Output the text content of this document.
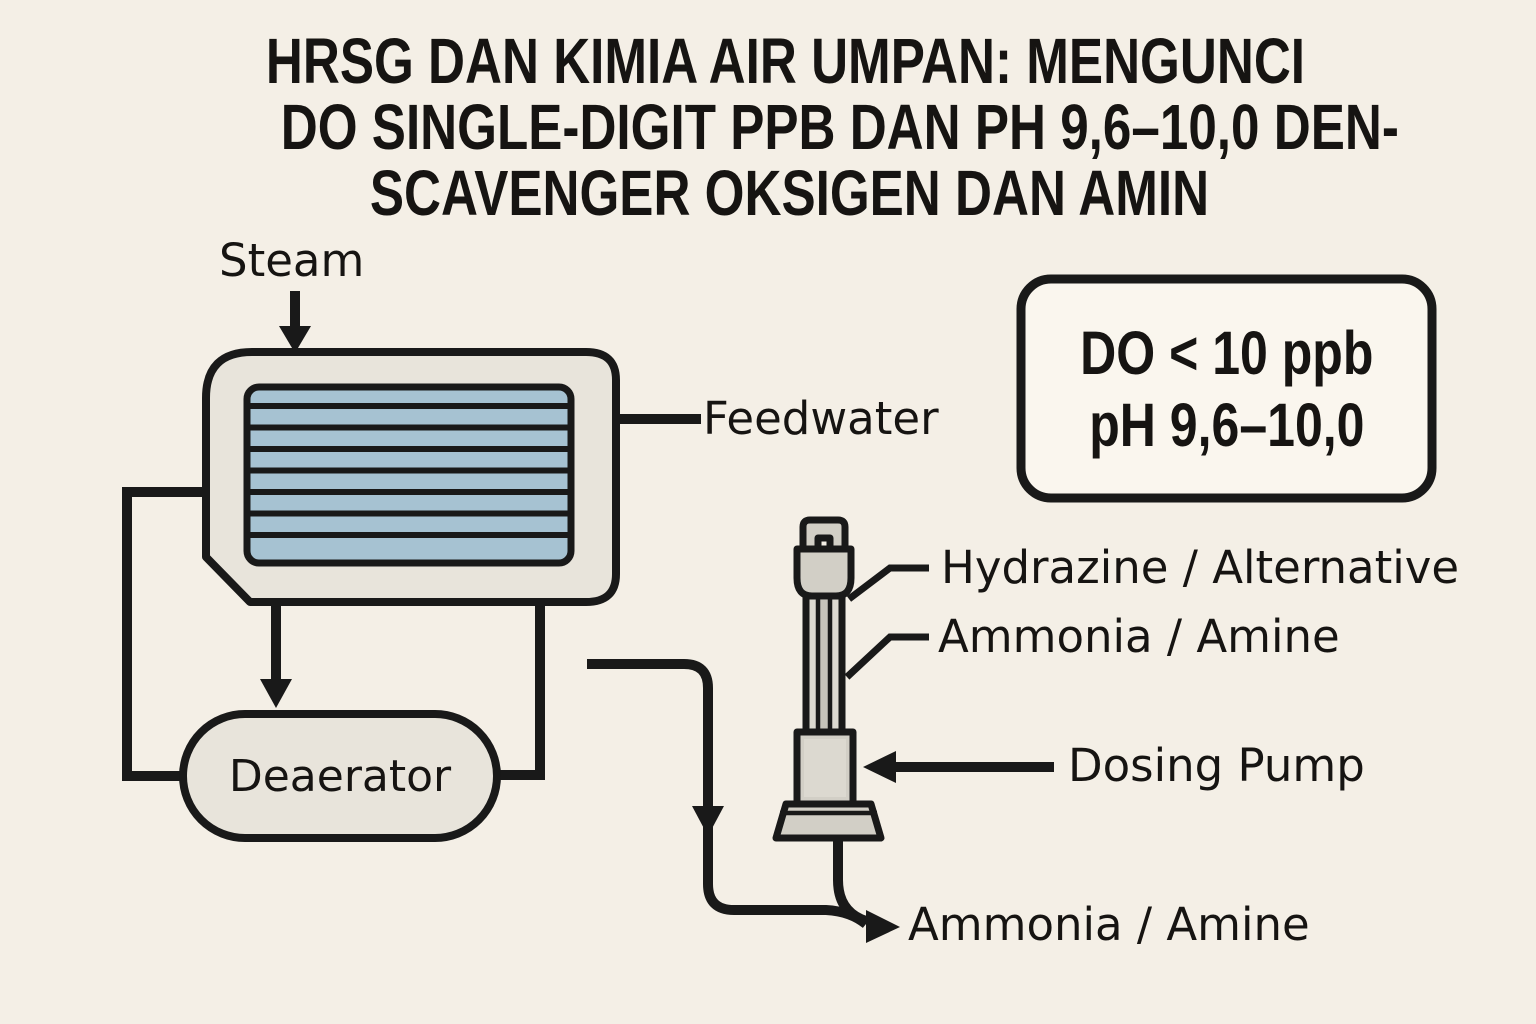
HRSG DAN KIMIA AIR UMPAN: MENGUNCI
DO SINGLE-DIGIT PPB DAN PH 9,6–10,0 DEN-
SCAVENGER OKSIGEN DAN AMIN
Steam
Feedwater
Deaerator
Hydrazine / Alternative
Ammonia / Amine
Dosing Pump
Ammonia / Amine
DO < 10 ppb
pH 9,6–10,0
